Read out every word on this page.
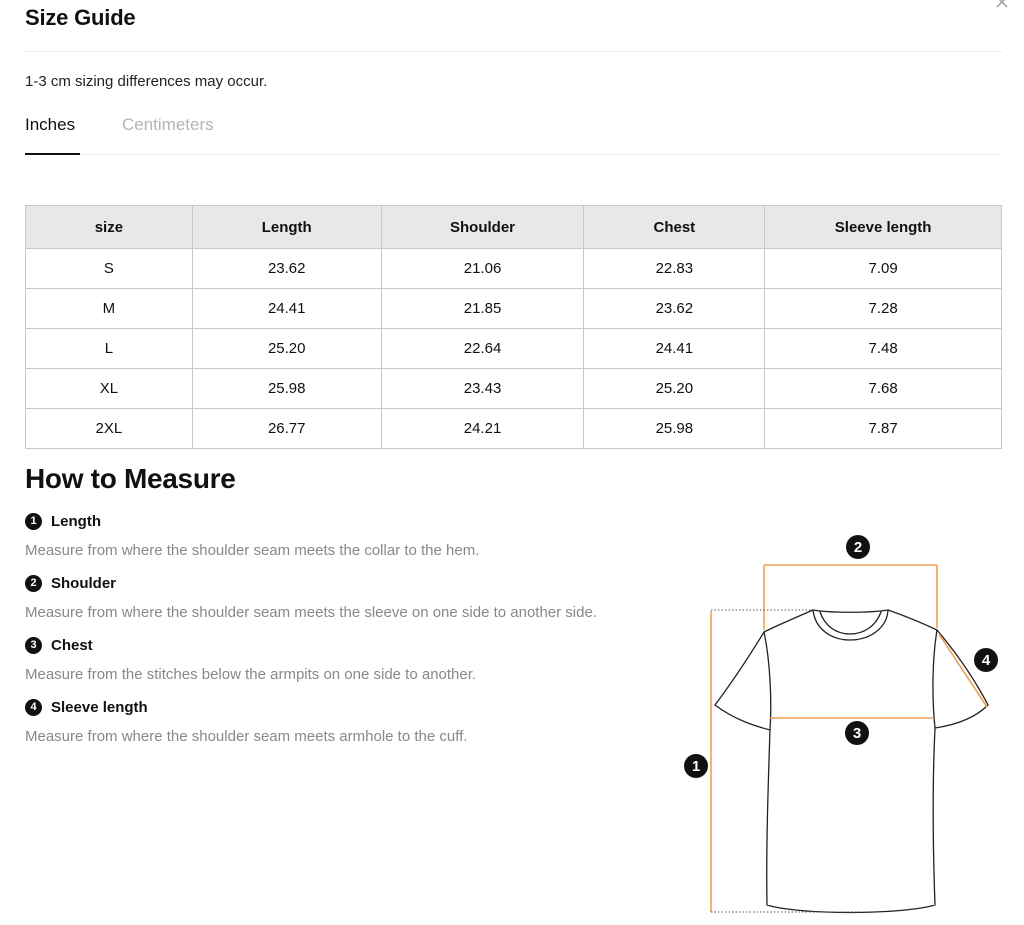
Size Guide
1-3 cm sizing differences may occur.
Inches	Centimeters
size	Length	Shoulder	Chest	Sleeve length
S	23.62	21.06	22.83	7.09
M	24.41	21.85	23.62	7.28
L	25.20	22.64	24.41	7.48
XL	25.98	23.43	25.20	7.68
2XL	26.77	24.21	25.98	7.87
How to Measure
1 Length
Measure from where the shoulder seam meets the collar to the hem.
2 Shoulder
Measure from where the shoulder seam meets the sleeve on one side to another side.
3 Chest
Measure from the stitches below the armpits on one side to another.
4 Sleeve length
Measure from where the shoulder seam meets armhole to the cuff.
1
2
3
4
